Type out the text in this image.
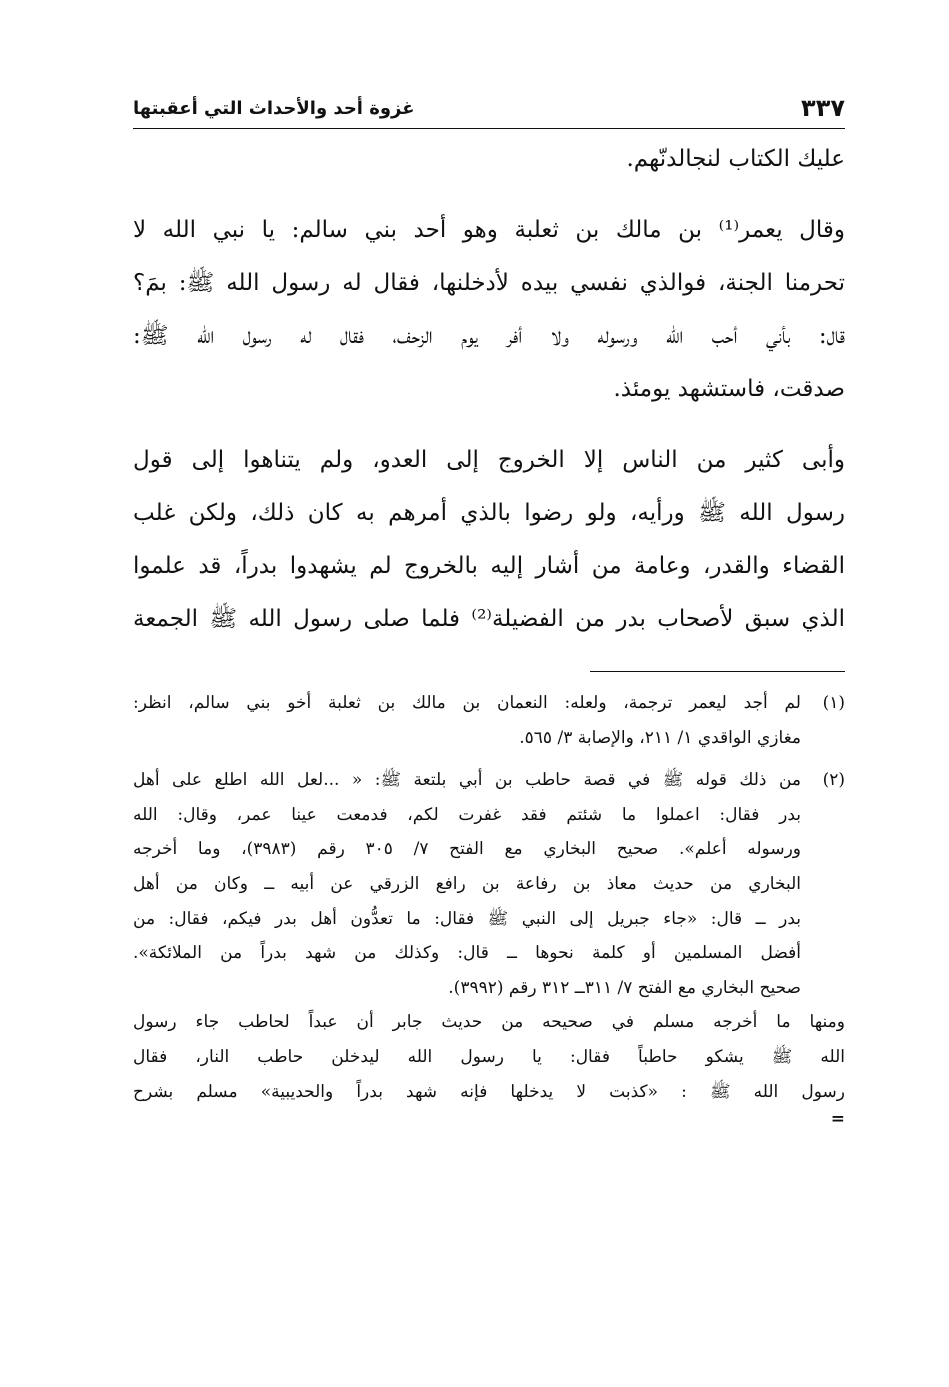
٣٣٧
غزوة أحد والأحداث التي أعقبتها
عليك الكتاب لنجالدنّهم.
وقال يعمر⁽¹⁾ بن مالك بن ثعلبة وهو أحد بني سالم: يا نبي الله لا
تحرمنا الجنة، فوالذي نفسي بيده لأدخلنها، فقال له رسول الله ﷺ: بمَ؟
قال: بأني أحب الله ورسوله ولا أفر يوم الزحف، فقال له رسول الله ﷺ:
صدقت، فاستشهد يومئذ.
وأبى كثير من الناس إلا الخروج إلى العدو، ولم يتناهوا إلى قول
رسول الله ﷺ ورأيه، ولو رضوا بالذي أمرهم به كان ذلك، ولكن غلب
القضاء والقدر، وعامة من أشار إليه بالخروج لم يشهدوا بدراً، قد علموا
الذي سبق لأصحاب بدر من الفضيلة⁽²⁾ فلما صلى رسول الله ﷺ الجمعة
(١)لم أجد ليعمر ترجمة، ولعله: النعمان بن مالك بن ثعلبة أخو بني سالم، انظر:
مغازي الواقدي ١/ ٢١١، والإصابة ٣/ ٥٦٥.
(٢)من ذلك قوله ﷺ في قصة حاطب بن أبي بلتعة ﷺ: « ...لعل الله اطلع على أهل
بدر فقال: اعملوا ما شئتم فقد غفرت لكم، فدمعت عينا عمر، وقال: الله
ورسوله أعلم». صحيح البخاري مع الفتح ٧/ ٣٠٥ رقم (٣٩٨٣)، وما أخرجه
البخاري من حديث معاذ بن رفاعة بن رافع الزرقي عن أبيه ــ وكان من أهل
بدر ــ قال: «جاء جبريل إلى النبي ﷺ فقال: ما تعدُّون أهل بدر فيكم، فقال: من
أفضل المسلمين أو كلمة نحوها ــ قال: وكذلك من شهد بدراً من الملائكة».
صحيح البخاري مع الفتح ٧/ ٣١١ــ ٣١٢ رقم (٣٩٩٢).
ومنها ما أخرجه مسلم في صحيحه من حديث جابر أن عبداً لحاطب جاء رسول
الله ﷺ يشكو حاطباً فقال: يا رسول الله ليدخلن حاطب النار، فقال
رسول الله ﷺ : «كذبت لا يدخلها فإنه شهد بدراً والحديبية» مسلم بشرح
=
